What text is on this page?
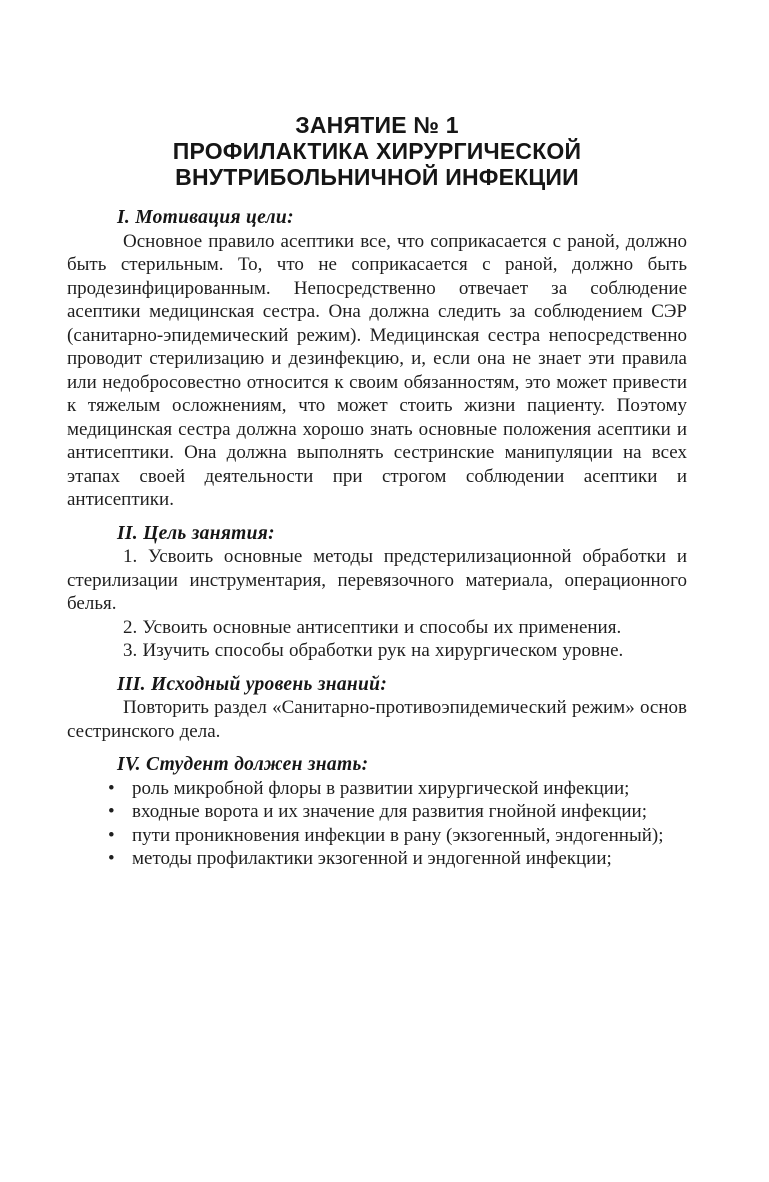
ЗАНЯТИЕ № 1
ПРОФИЛАКТИКА ХИРУРГИЧЕСКОЙ
ВНУТРИБОЛЬНИЧНОЙ ИНФЕКЦИИ
I. Мотивация цели:

Основное правило асептики все, что соприкасается с раной, должно быть стерильным. То, что не соприкасается с раной, должно быть продезинфицированным. Непосредственно отвечает за соблюдение асептики медицинская сестра. Она должна следить за соблюдением СЭР (санитарно-эпидемический режим). Медицинская сестра непосредственно проводит стерилизацию и дезинфекцию, и, если она не знает эти правила или недобросовестно относится к своим обязанностям, это может привести к тяжелым осложнениям, что может стоить жизни пациенту. Поэтому медицинская сестра должна хорошо знать основные положения асептики и антисептики. Она должна выполнять сестринские манипуляции на всех этапах своей деятельности при строгом соблюдении асептики и антисептики.

II. Цель занятия:

1. Усвоить основные методы предстерилизационной обработки и стерилизации инструментария, перевязочного материала, операционного белья.

2. Усвоить основные антисептики и способы их применения.

3. Изучить способы обработки рук на хирургическом уровне.

III. Исходный уровень знаний:

Повторить раздел «Санитарно-противоэпидемический режим» основ сестринского дела.

IV. Студент должен знать:
• роль микробной флоры в развитии хирургической инфекции;
• входные ворота и их значение для развития гнойной инфекции;
• пути проникновения инфекции в рану (экзогенный, эндогенный);
• методы профилактики экзогенной и эндогенной инфекции;
